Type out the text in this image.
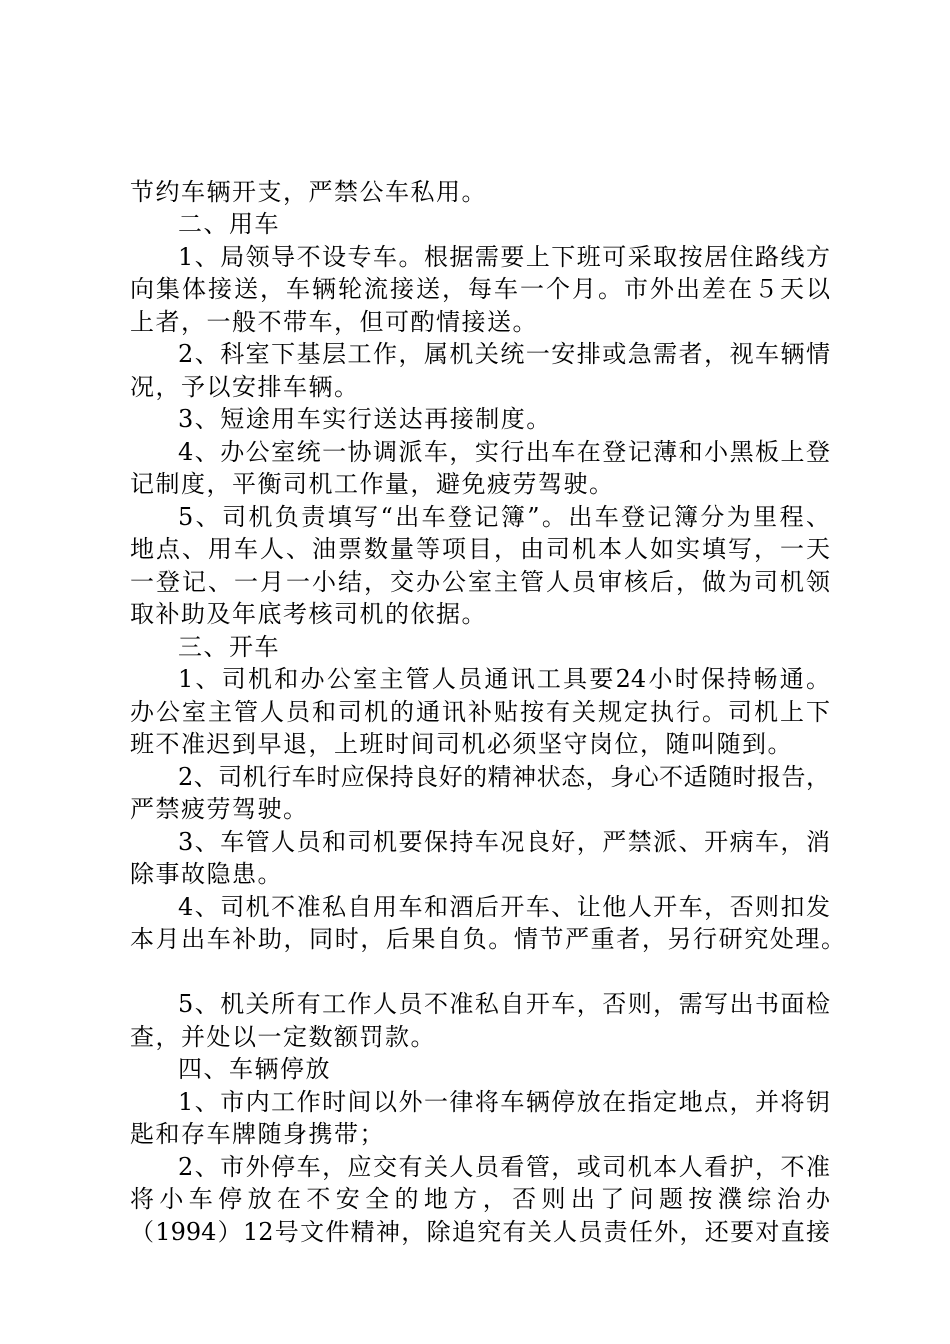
节约车辆开支，严禁公车私用。
二、用车
1、局领导不设专车。根据需要上下班可采取按居住路线方
向集体接送，车辆轮流接送，每车一个月。市外出差在５天以
上者，一般不带车，但可酌情接送。
2、科室下基层工作，属机关统一安排或急需者，视车辆情
况，予以安排车辆。
3、短途用车实行送达再接制度。
4、办公室统一协调派车，实行出车在登记薄和小黑板上登
记制度，平衡司机工作量，避免疲劳驾驶。
5、司机负责填写“出车登记簿”。出车登记簿分为里程、
地点、用车人、油票数量等项目，由司机本人如实填写，一天
一登记、一月一小结，交办公室主管人员审核后，做为司机领
取补助及年底考核司机的依据。
三、开车
1、司机和办公室主管人员通讯工具要24小时保持畅通。
办公室主管人员和司机的通讯补贴按有关规定执行。司机上下
班不准迟到早退，上班时间司机必须坚守岗位，随叫随到。
2、司机行车时应保持良好的精神状态，身心不适随时报告，
严禁疲劳驾驶。
3、车管人员和司机要保持车况良好，严禁派、开病车，消
除事故隐患。
4、司机不准私自用车和酒后开车、让他人开车，否则扣发
本月出车补助，同时，后果自负。情节严重者，另行研究处理。
5、机关所有工作人员不准私自开车，否则，需写出书面检
查，并处以一定数额罚款。
四、车辆停放
1、市内工作时间以外一律将车辆停放在指定地点，并将钥
匙和存车牌随身携带；
2、市外停车，应交有关人员看管，或司机本人看护，不准
将小车停放在不安全的地方，否则出了问题按濮综治办
（1994）12号文件精神，除追究有关人员责任外，还要对直接
